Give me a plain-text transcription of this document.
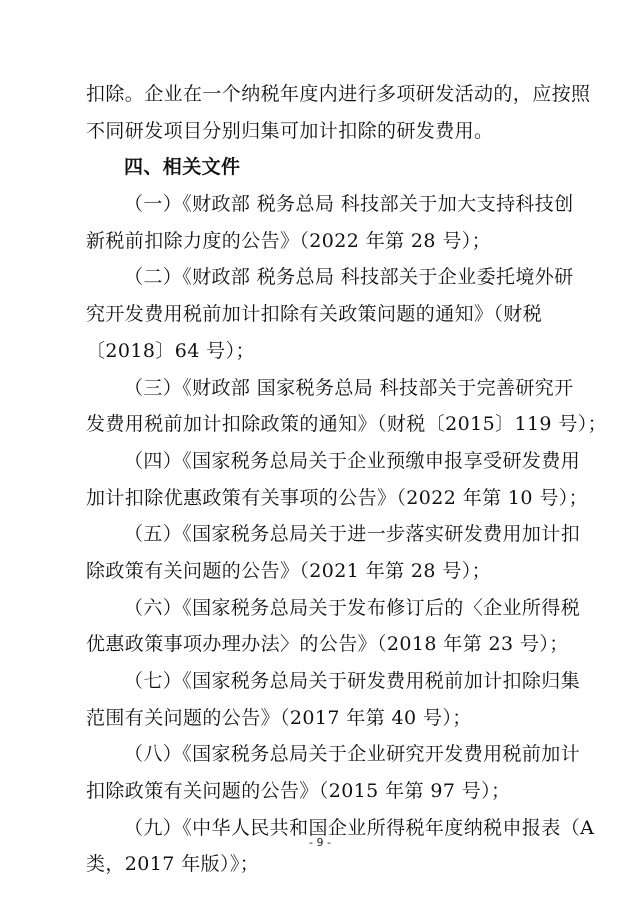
扣除。企业在一个纳税年度内进行多项研发活动的，应按照
不同研发项目分别归集可加计扣除的研发费用。
四、相关文件
（一）《财政部 税务总局 科技部关于加大支持科技创
新税前扣除力度的公告》（2022 年第 28 号）；
（二）《财政部 税务总局 科技部关于企业委托境外研
究开发费用税前加计扣除有关政策问题的通知》（财税
〔2018〕64 号）；
（三）《财政部 国家税务总局 科技部关于完善研究开
发费用税前加计扣除政策的通知》（财税〔2015〕119 号）；
（四）《国家税务总局关于企业预缴申报享受研发费用
加计扣除优惠政策有关事项的公告》（2022 年第 10 号）；
（五）《国家税务总局关于进一步落实研发费用加计扣
除政策有关问题的公告》（2021 年第 28 号）；
（六）《国家税务总局关于发布修订后的〈企业所得税
优惠政策事项办理办法〉的公告》（2018 年第 23 号）；
（七）《国家税务总局关于研发费用税前加计扣除归集
范围有关问题的公告》（2017 年第 40 号）；
（八）《国家税务总局关于企业研究开发费用税前加计
扣除政策有关问题的公告》（2015 年第 97 号）；
（九）《中华人民共和国企业所得税年度纳税申报表（A
类，2017 年版）》；
- 9 -
